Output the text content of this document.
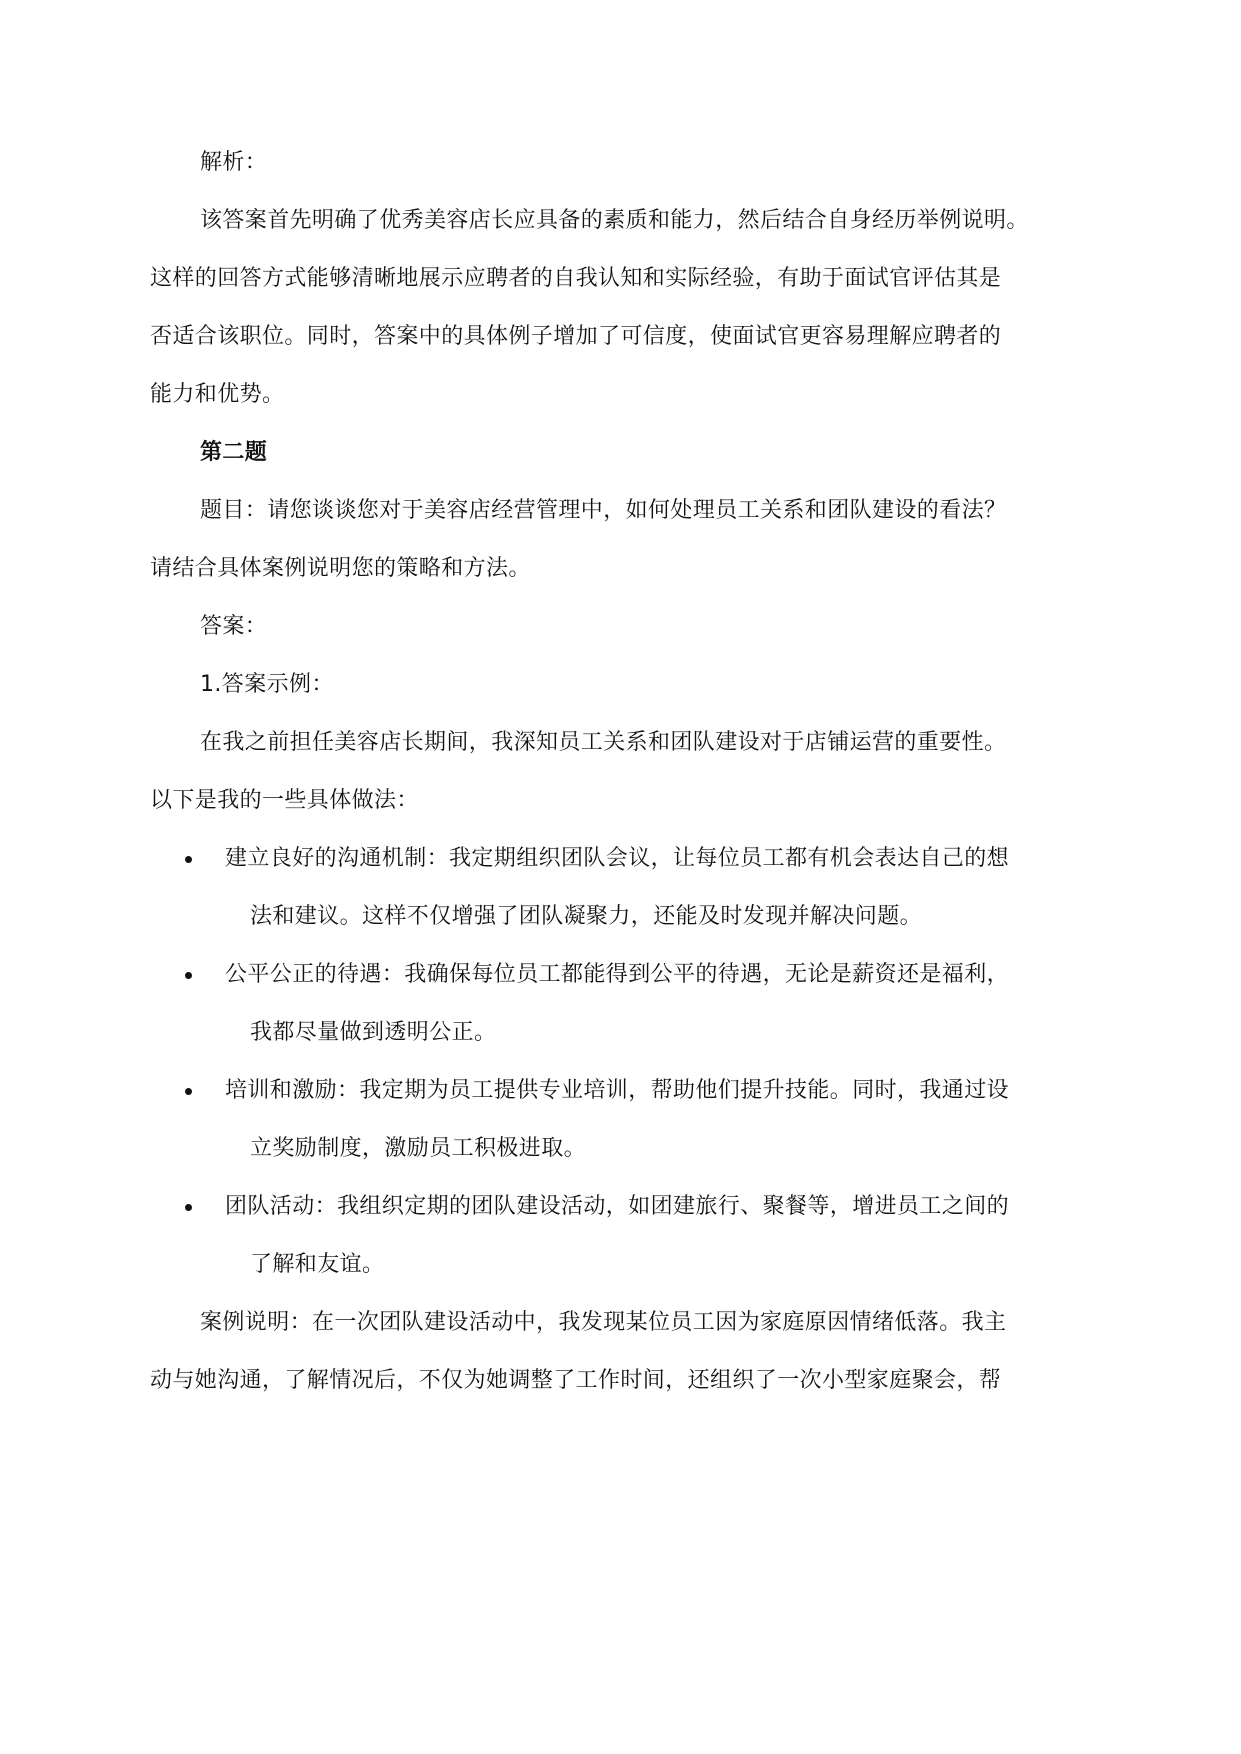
解析：
该答案首先明确了优秀美容店长应具备的素质和能力，然后结合自身经历举例说明。
这样的回答方式能够清晰地展示应聘者的自我认知和实际经验，有助于面试官评估其是
否适合该职位。同时，答案中的具体例子增加了可信度，使面试官更容易理解应聘者的
能力和优势。
第二题
题目：请您谈谈您对于美容店经营管理中，如何处理员工关系和团队建设的看法？
请结合具体案例说明您的策略和方法。
答案：
1.答案示例：
在我之前担任美容店长期间，我深知员工关系和团队建设对于店铺运营的重要性。
以下是我的一些具体做法：
建立良好的沟通机制：我定期组织团队会议，让每位员工都有机会表达自己的想
法和建议。这样不仅增强了团队凝聚力，还能及时发现并解决问题。
公平公正的待遇：我确保每位员工都能得到公平的待遇，无论是薪资还是福利，
我都尽量做到透明公正。
培训和激励：我定期为员工提供专业培训，帮助他们提升技能。同时，我通过设
立奖励制度，激励员工积极进取。
团队活动：我组织定期的团队建设活动，如团建旅行、聚餐等，增进员工之间的
了解和友谊。
案例说明：在一次团队建设活动中，我发现某位员工因为家庭原因情绪低落。我主
动与她沟通，了解情况后，不仅为她调整了工作时间，还组织了一次小型家庭聚会，帮
